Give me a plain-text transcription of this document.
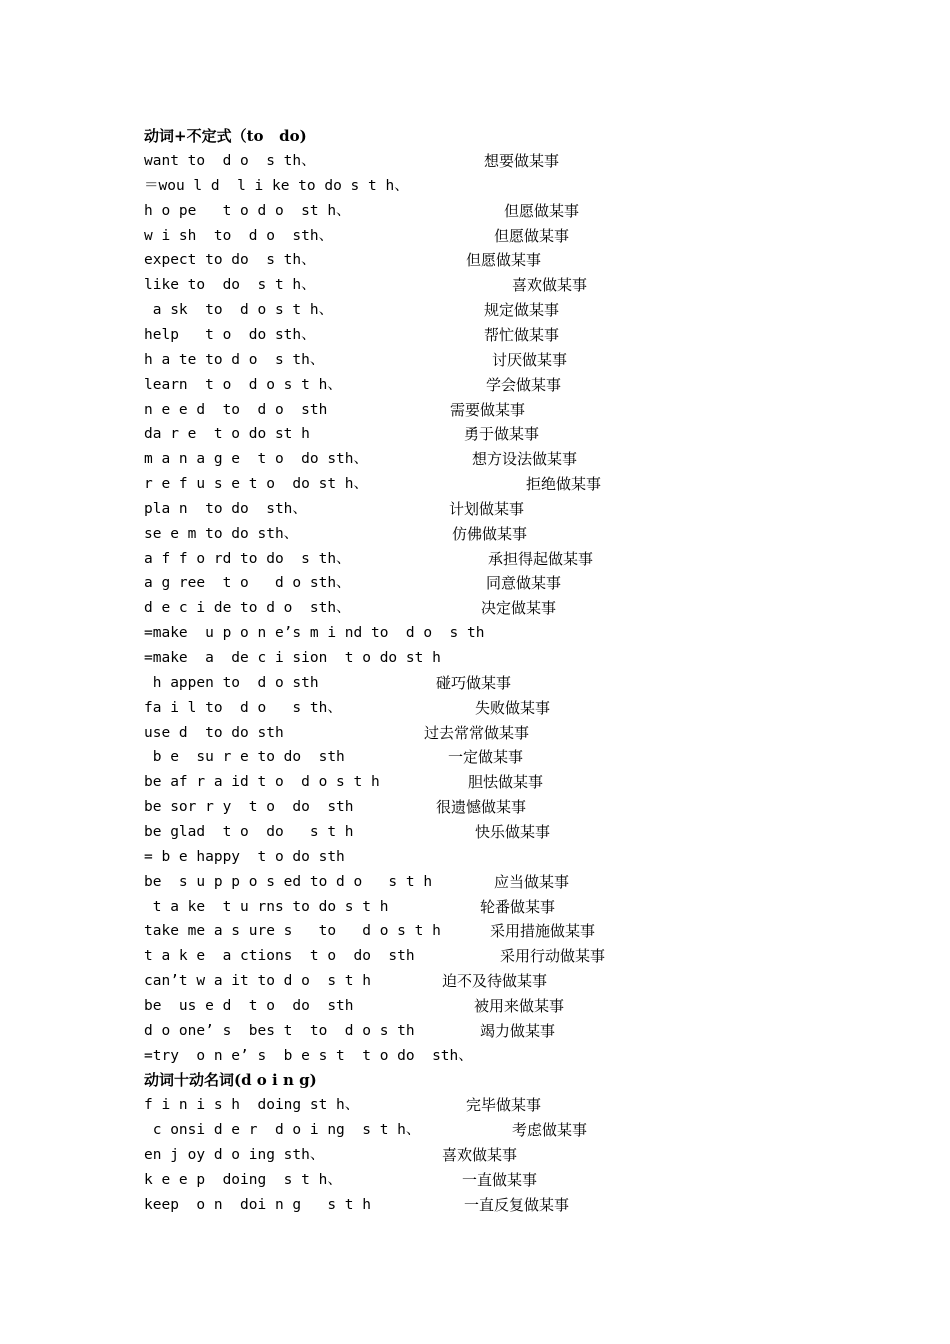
动词+不定式（to   do)
动词十动名词(d o i n g)
want to  d o  s th、	想要做某事
＝wou l d  l i ke to do s t h、
h o pe   t o d o  st h、	但愿做某事
w i sh  to  d o  sth、	但愿做某事
expect to do  s th、	但愿做某事
like to  do  s t h、	喜欢做某事
a sk  to  d o s t h、	规定做某事
help   t o  do sth、	帮忙做某事
h a te to d o  s th、	讨厌做某事
learn  t o  d o s t h、	学会做某事
n e e d  to  d o  sth	需要做某事
da r e  t o do st h	勇于做某事
m a n a g e  t o  do sth、	想方设法做某事
r e f u s e t o  do st h、	拒绝做某事
pla n  to do  sth、	计划做某事
se e m to do sth、	仿佛做某事
a f f o rd to do  s th、	承担得起做某事
a g ree  t o   d o sth、	同意做某事
d e c i de to d o  sth、	决定做某事
=make  u p o n e’s m i nd to  d o  s th
=make  a  de c i sion  t o do st h
h appen to  d o sth	碰巧做某事
fa i l to  d o   s th、	失败做某事
use d  to do sth	过去常常做某事
b e  su r e to do  sth	一定做某事
be af r a id t o  d o s t h	胆怯做某事
be sor r y  t o  do  sth	很遗憾做某事
be glad  t o  do   s t h	快乐做某事
= b e happy  t o do sth
be  s u p p o s ed to d o   s t h	应当做某事
t a ke  t u rns to do s t h	轮番做某事
take me a s ure s   to   d o s t h	采用措施做某事
t a k e  a ctions  t o  do  sth	采用行动做某事
can’t w a it to d o  s t h	迫不及待做某事
be  us e d  t o  do  sth	被用来做某事
d o one’ s  bes t  to  d o s th	竭力做某事
=try  o n e’ s  b e s t  t o do  sth、
f i n i s h  doing st h、	完毕做某事
c onsi d e r  d o i ng  s t h、	考虑做某事
en j oy d o ing sth、	喜欢做某事
k e e p  doing  s t h、	一直做某事
keep  o n  doi n g   s t h	一直反复做某事
